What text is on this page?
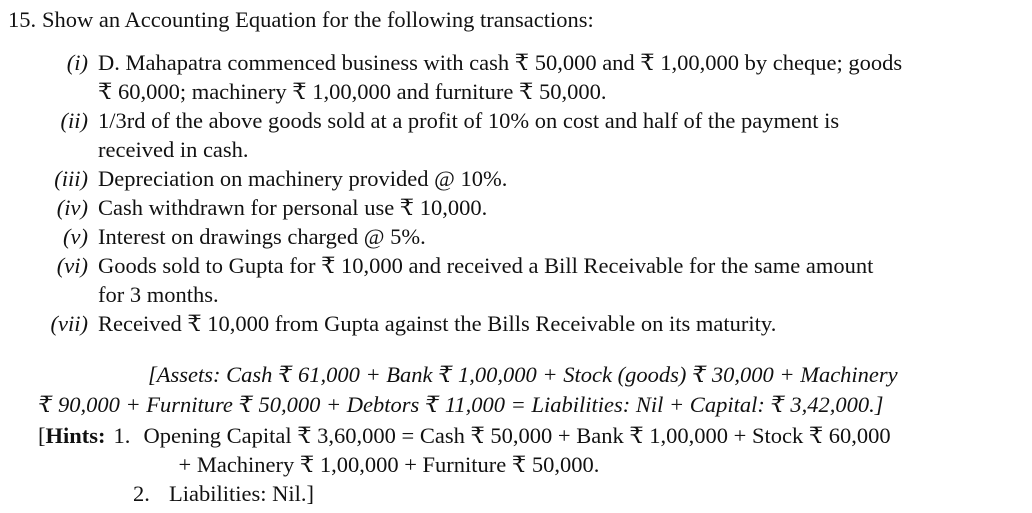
15. Show an Accounting Equation for the following transactions:
(i) D. Mahapatra commenced business with cash ₹ 50,000 and ₹ 1,00,000 by cheque; goods
₹ 60,000; machinery ₹ 1,00,000 and furniture ₹ 50,000.
(ii) 1/3rd of the above goods sold at a profit of 10% on cost and half of the payment is
received in cash.
(iii) Depreciation on machinery provided @ 10%.
(iv) Cash withdrawn for personal use ₹ 10,000.
(v) Interest on drawings charged @ 5%.
(vi) Goods sold to Gupta for ₹ 10,000 and received a Bill Receivable for the same amount
for 3 months.
(vii) Received ₹ 10,000 from Gupta against the Bills Receivable on its maturity.
[Assets: Cash ₹ 61,000 + Bank ₹ 1,00,000 + Stock (goods) ₹ 30,000 + Machinery
₹ 90,000 + Furniture ₹ 50,000 + Debtors ₹ 11,000 = Liabilities: Nil + Capital: ₹ 3,42,000.]
[Hints: 1. Opening Capital ₹ 3,60,000 = Cash ₹ 50,000 + Bank ₹ 1,00,000 + Stock ₹ 60,000
+ Machinery ₹ 1,00,000 + Furniture ₹ 50,000.
2. Liabilities: Nil.]
